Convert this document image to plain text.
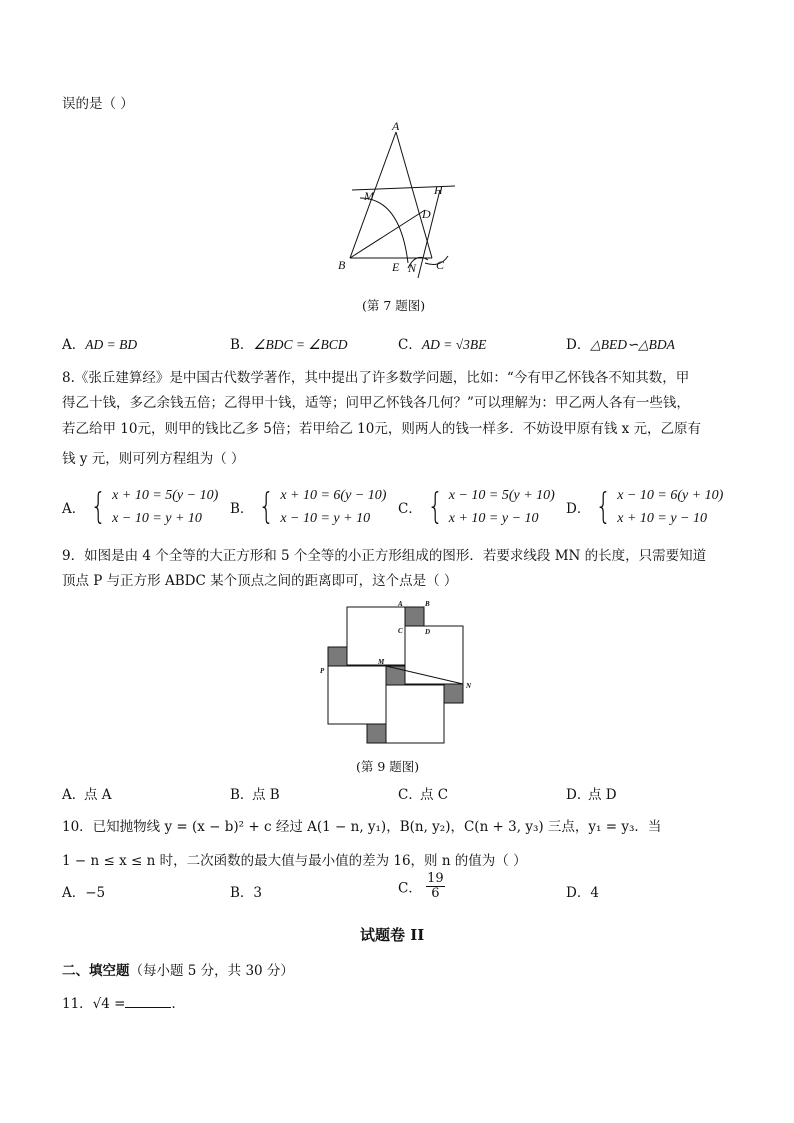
误的是（ ）
A
B	C
D
E
H
M
N
(第 7 题图)
A．AD = BD	B．∠BDC = ∠BCD	C．AD = √3BE	D．△BED∽△BDA
8.《张丘建算经》是中国古代数学著作，其中提出了许多数学问题，比如：“今有甲乙怀钱各不知其数，甲
得乙十钱，多乙余钱五倍；乙得甲十钱，适等；问甲乙怀钱各几何？”可以理解为：甲乙两人各有一些钱，
若乙给甲 10元，则甲的钱比乙多 5倍；若甲给乙 10元，则两人的钱一样多．不妨设甲原有钱 x 元，乙原有
钱 y 元，则可列方程组为（ ）
A． { x + 10 = 5(y − 10)
x − 10 = y + 10
B． { x + 10 = 6(y − 10)
x − 10 = y + 10
C． { x − 10 = 5(y + 10)
x + 10 = y − 10
D． { x − 10 = 6(y + 10)
x + 10 = y − 10
9．如图是由 4 个全等的大正方形和 5 个全等的小正方形组成的图形．若要求线段 MN 的长度，只需要知道
顶点 P 与正方形 ABDC 某个顶点之间的距离即可，这个点是（ ）
A	B
C	D
M
N
P
(第 9 题图)
A．
点 A	B．
点 B	C．
点 C	D．
点 D
10．已知抛物线 y = (x − b)² + c 经过 A(1 − n, y₁)，B(n, y₂)，C(n + 3, y₃) 三点，y₁ = y₃．当
1 − n ≤ x ≤ n 时，二次函数的最大值与最小值的差为 16，则 n 的值为（ ）
A．−5	B．3	C． $\frac{19}{6}$	D．4
试题卷 II
二、填空题（每小题 5 分，共 30 分）
11．√4 =	．
